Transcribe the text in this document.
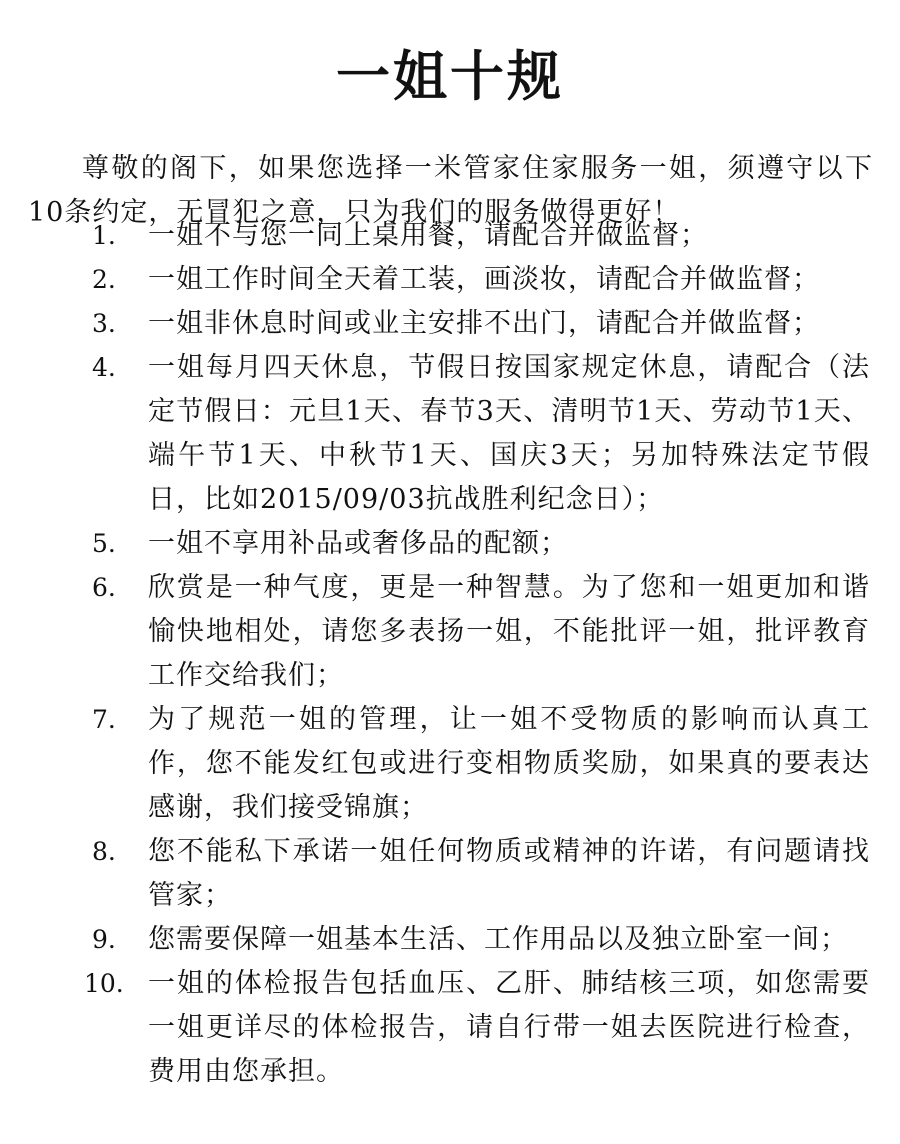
一姐十规

尊敬的阁下，如果您选择一米管家住家服务一姐，须遵守以下10条约定，无冒犯之意，只为我们的服务做得更好！

1. 一姐不与您一同上桌用餐，请配合并做监督；
2. 一姐工作时间全天着工装，画淡妆，请配合并做监督；
3. 一姐非休息时间或业主安排不出门，请配合并做监督；
4. 一姐每月四天休息，节假日按国家规定休息，请配合（法定节假日：元旦1天、春节3天、清明节1天、劳动节1天、端午节1天、中秋节1天、国庆3天；另加特殊法定节假日，比如2015/09/03抗战胜利纪念日）；
5. 一姐不享用补品或奢侈品的配额；
6. 欣赏是一种气度，更是一种智慧。为了您和一姐更加和谐愉快地相处，请您多表扬一姐，不能批评一姐，批评教育工作交给我们；
7. 为了规范一姐的管理，让一姐不受物质的影响而认真工作，您不能发红包或进行变相物质奖励，如果真的要表达感谢，我们接受锦旗；
8. 您不能私下承诺一姐任何物质或精神的许诺，有问题请找管家；
9. 您需要保障一姐基本生活、工作用品以及独立卧室一间；
10. 一姐的体检报告包括血压、乙肝、肺结核三项，如您需要一姐更详尽的体检报告，请自行带一姐去医院进行检查，费用由您承担。
